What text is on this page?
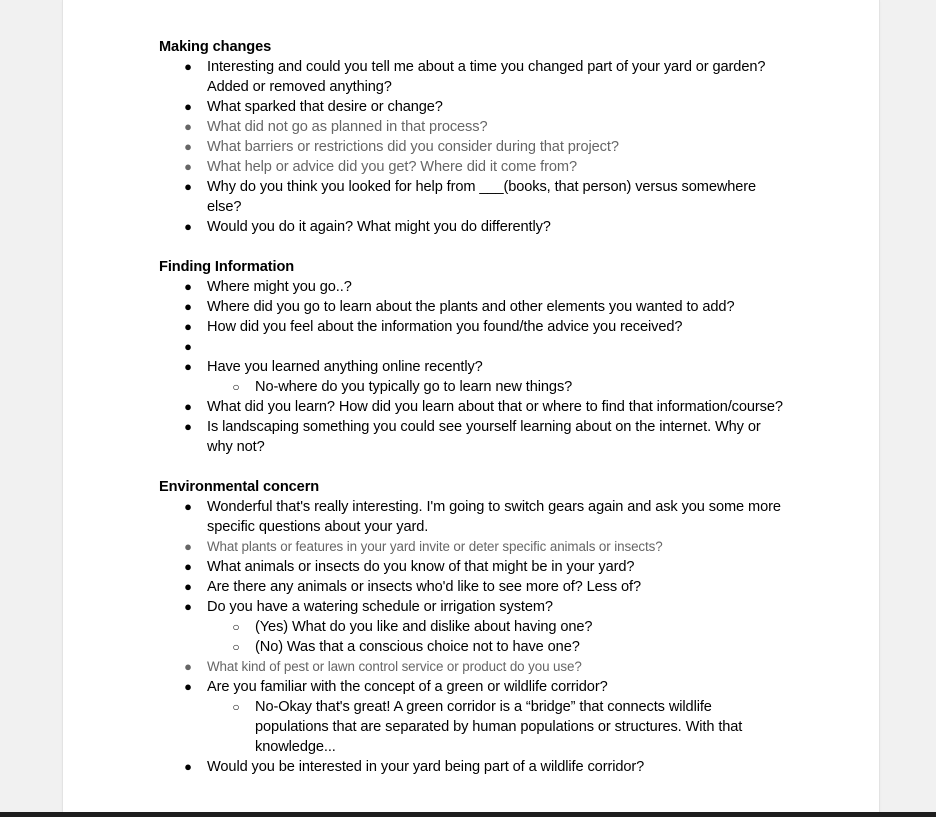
Making changes
● Interesting and could you tell me about a time you changed part of your yard or garden? Added or removed anything?
● What sparked that desire or change?
● What did not go as planned in that process?
● What barriers or restrictions did you consider during that project?
● What help or advice did you get? Where did it come from?
● Why do you think you looked for help from ___(books, that person) versus somewhere else?
● Would you do it again? What might you do differently?
Finding Information
● Where might you go..?
● Where did you go to learn about the plants and other elements you wanted to add?
● How did you feel about the information you found/the advice you received?
●
● Have you learned anything online recently?
○ No-where do you typically go to learn new things?
● What did you learn? How did you learn about that or where to find that information/course?
● Is landscaping something you could see yourself learning about on the internet. Why or why not?
Environmental concern
● Wonderful that's really interesting. I'm going to switch gears again and ask you some more specific questions about your yard.
● What plants or features in your yard invite or deter specific animals or insects?
● What animals or insects do you know of that might be in your yard?
● Are there any animals or insects who'd like to see more of? Less of?
● Do you have a watering schedule or irrigation system?
○ (Yes) What do you like and dislike about having one?
○ (No) Was that a conscious choice not to have one?
● What kind of pest or lawn control service or product do you use?
● Are you familiar with the concept of a green or wildlife corridor?
○ No-Okay that's great! A green corridor is a “bridge” that connects wildlife populations that are separated by human populations or structures. With that knowledge...
● Would you be interested in your yard being part of a wildlife corridor?
